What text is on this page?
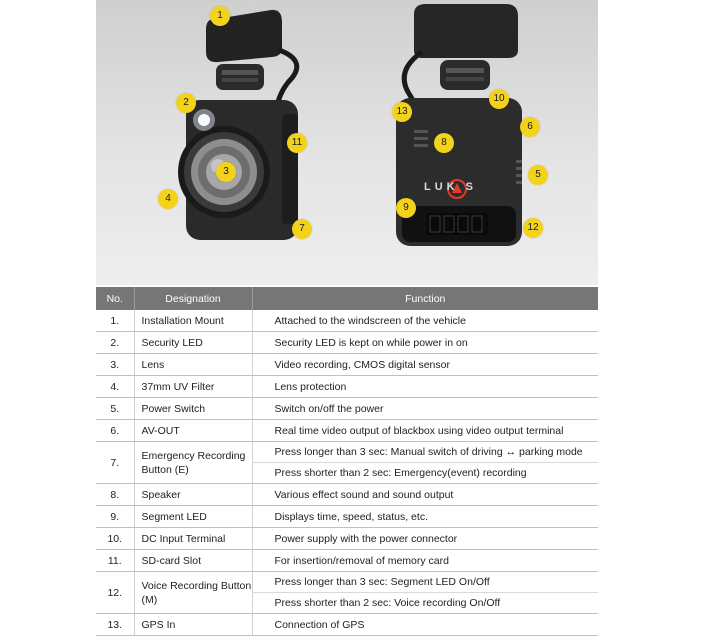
LUK S
1
2
3
4
7
11
13
10
6
8
5
9
12
No.	Designation	Function
1.	Installation Mount	Attached to the windscreen of the vehicle
2.	Security LED	Security LED is kept on while power in on
3.	Lens	Video recording, CMOS digital sensor
4.	37mm UV Filter	Lens protection
5.	Power Switch	Switch on/off the power
6.	AV-OUT	Real time video output of blackbox using video output terminal
7.	Emergency Recording Button (E)	Press longer than 3 sec: Manual switch of driving ↔ parking mode
		Press shorter than 2 sec: Emergency(event) recording
8.	Speaker	Various effect sound and sound output
9.	Segment LED	Displays time, speed, status, etc.
10.	DC Input Terminal	Power supply with the power connector
11.	SD-card Slot	For insertion/removal of memory card
12.	Voice Recording Button (M)	Press longer than 3 sec: Segment LED On/Off
		Press shorter than 2 sec: Voice recording On/Off
13.	GPS In	Connection of GPS
